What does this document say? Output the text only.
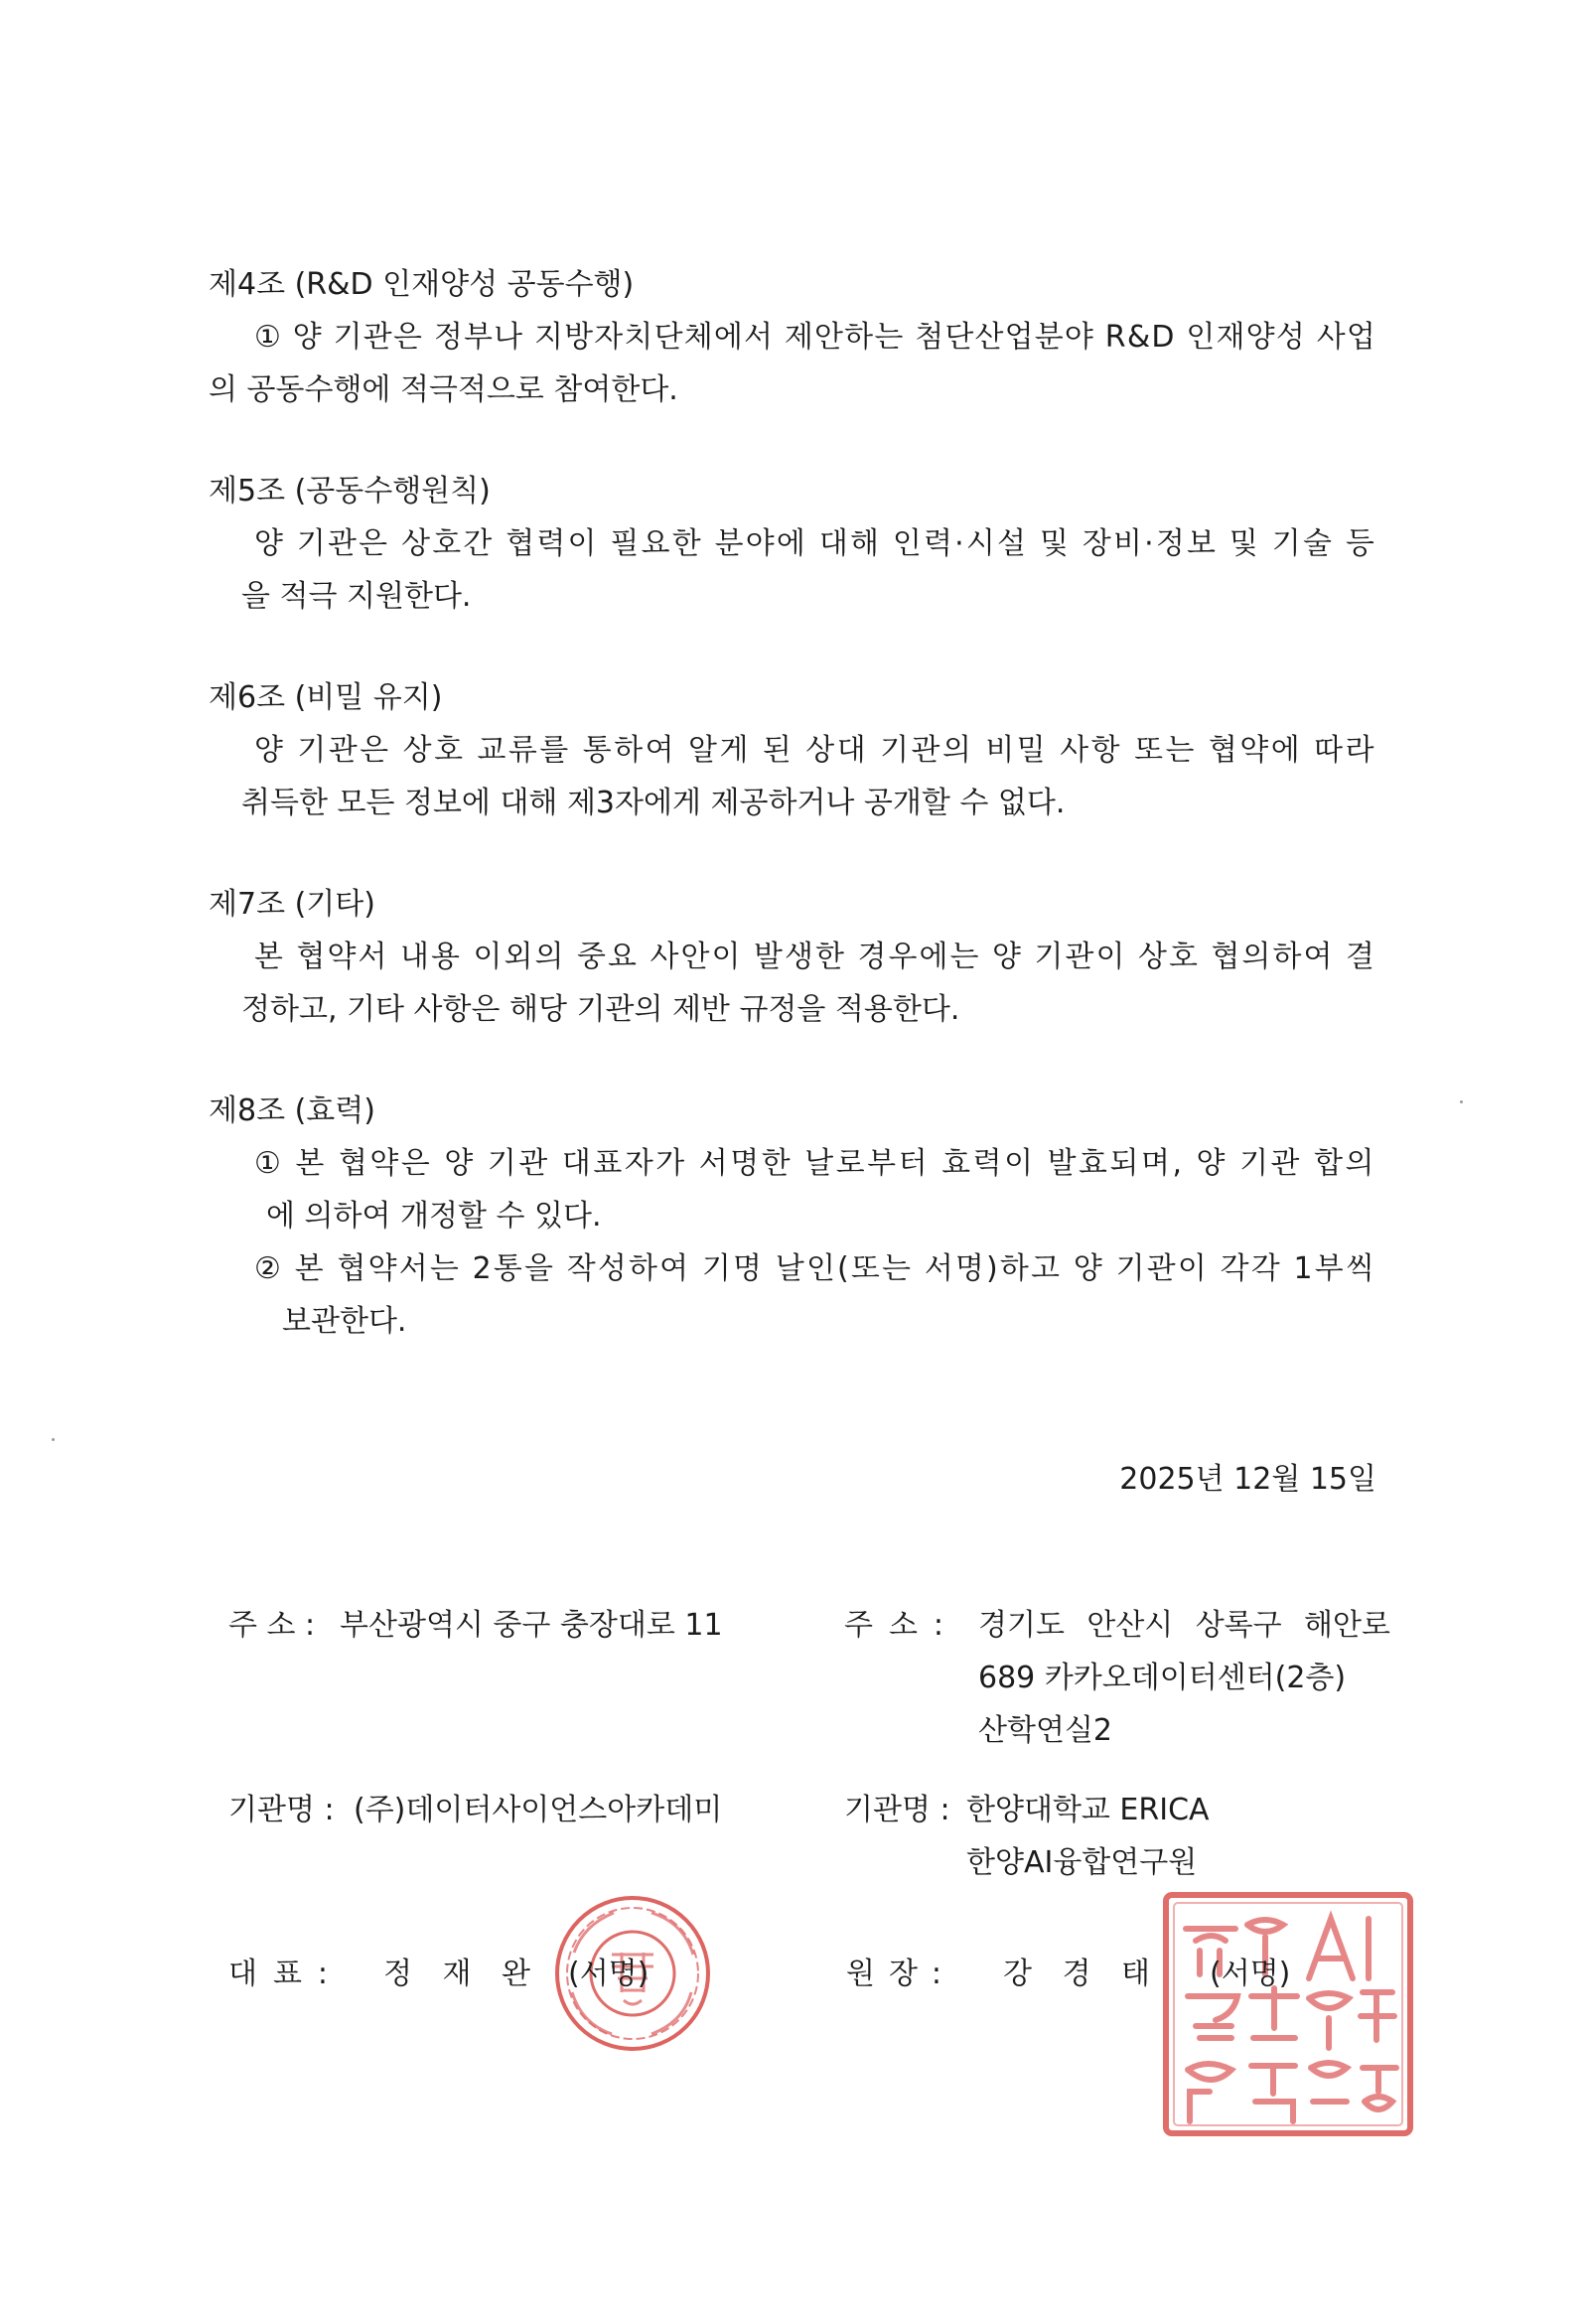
제4조 (R&D 인재양성 공동수행)
① 양 기관은 정부나 지방자치단체에서 제안하는 첨단산업분야 R&D 인재양성 사업
의 공동수행에 적극적으로 참여한다.
제5조 (공동수행원칙)
양 기관은 상호간 협력이 필요한 분야에 대해 인력·시설 및 장비·정보 및 기술 등
을 적극 지원한다.
제6조 (비밀 유지)
양 기관은 상호 교류를 통하여 알게 된 상대 기관의 비밀 사항 또는 협약에 따라
취득한 모든 정보에 대해 제3자에게 제공하거나 공개할 수 없다.
제7조 (기타)
본 협약서 내용 이외의 중요 사안이 발생한 경우에는 양 기관이 상호 협의하여 결
정하고, 기타 사항은 해당 기관의 제반 규정을 적용한다.
제8조 (효력)
① 본 협약은 양 기관 대표자가 서명한 날로부터 효력이 발효되며, 양 기관 합의
에 의하여 개정할 수 있다.
② 본 협약서는 2통을 작성하여 기명 날인(또는 서명)하고 양 기관이 각각 1부씩
보관한다.
2025년 12월 15일
주 소 : 부산광역시 중구 충장대로 11	주 소 : 경기도 안산시 상록구 해안로
689 카카오데이터센터(2층)
산학연실2
기관명 : (주)데이터사이언스아카데미	기관명 : 한양대학교 ERICA
한양AI융합연구원
대 표 : 정 재 완 (서명)	원 장 : 강 경 태 (서명)
